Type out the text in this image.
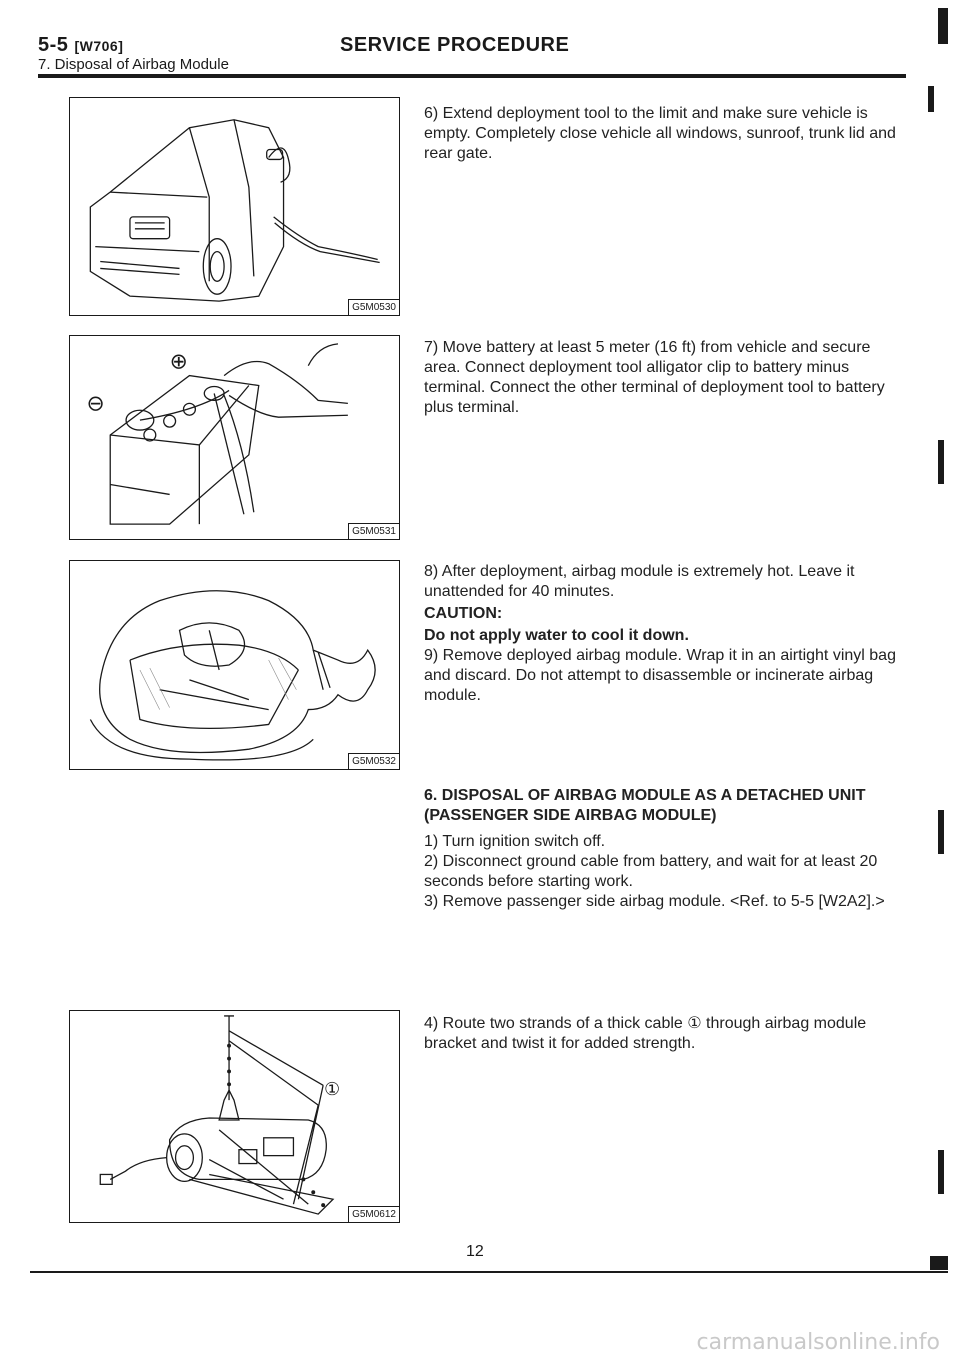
5-5 [W706]	SERVICE PROCEDURE
7. Disposal of Airbag Module
G5M0530
⊕
⊖
G5M0531
G5M0532
①
G5M0612

6) Extend deployment tool to the limit and make sure vehicle is empty. Completely close vehicle all windows, sunroof, trunk lid and rear gate.

7) Move battery at least 5 meter (16 ft) from vehicle and secure area. Connect deployment tool alligator clip to battery minus terminal. Connect the other terminal of deployment tool to battery plus terminal.

8) After deployment, airbag module is extremely hot. Leave it unattended for 40 minutes.

CAUTION:

Do not apply water to cool it down.

9) Remove deployed airbag module. Wrap it in an airtight vinyl bag and discard. Do not attempt to disassemble or incinerate airbag module.

6. DISPOSAL OF AIRBAG MODULE AS A DETACHED UNIT (PASSENGER SIDE AIRBAG MODULE)

1) Turn ignition switch off.

2) Disconnect ground cable from battery, and wait for at least 20 seconds before starting work.

3) Remove passenger side airbag module. <Ref. to 5-5 [W2A2].>

4) Route two strands of a thick cable ① through airbag module bracket and twist it for added strength.

12
carmanualsonline.info
